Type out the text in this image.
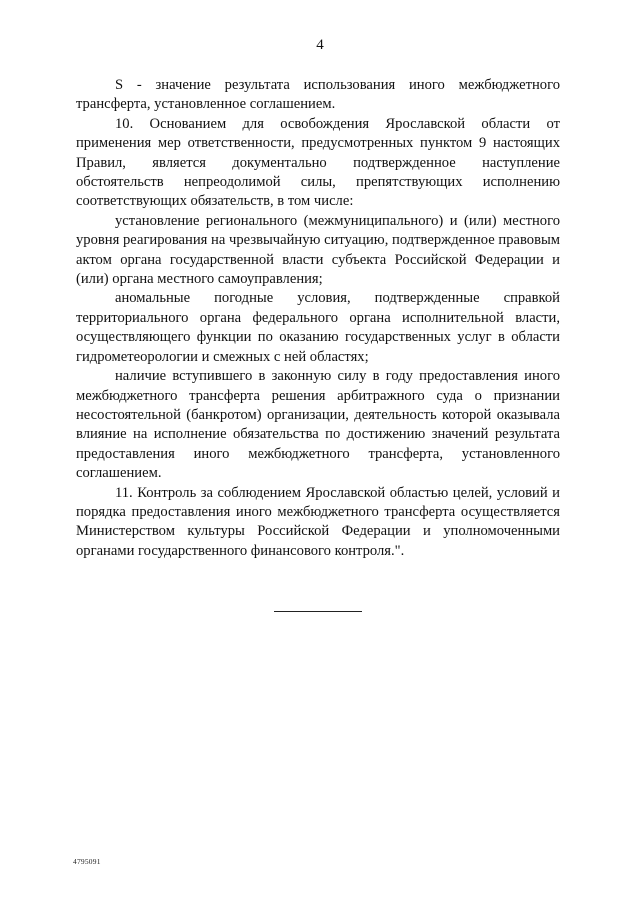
4

S - значение результата использования иного межбюджетного трансферта, установленное соглашением.

10. Основанием для освобождения Ярославской области от применения мер ответственности, предусмотренных пунктом 9 настоящих Правил, является документально подтвержденное наступление обстоятельств непреодолимой силы, препятствующих исполнению соответствующих обязательств, в том числе:

установление регионального (межмуниципального) и (или) местного уровня реагирования на чрезвычайную ситуацию, подтвержденное правовым актом органа государственной власти субъекта Российской Федерации и (или) органа местного самоуправления;

аномальные погодные условия, подтвержденные справкой территориального органа федерального органа исполнительной власти, осуществляющего функции по оказанию государственных услуг в области гидрометеорологии и смежных с ней областях;

наличие вступившего в законную силу в году предоставления иного межбюджетного трансферта решения арбитражного суда о признании несостоятельной (банкротом) организации, деятельность которой оказывала влияние на исполнение обязательства по достижению значений результата предоставления иного межбюджетного трансферта, установленного соглашением.

11. Контроль за соблюдением Ярославской областью целей, условий и порядка предоставления иного межбюджетного трансферта осуществляется Министерством культуры Российской Федерации и уполномоченными органами государственного финансового контроля.".

4795091
